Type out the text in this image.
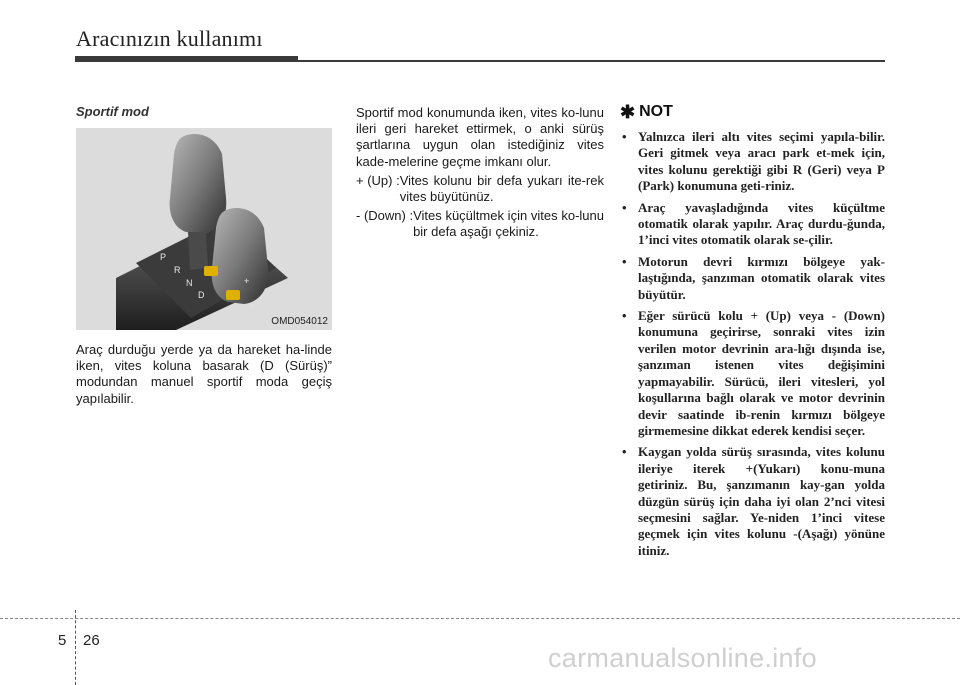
Aracınızın kullanımı
Sportif mod
P
R
N
D
+
-
OMD054012

Araç durduğu yerde ya da hareket ha-linde iken, vites koluna basarak (D (Sürüş)” modundan manuel sportif moda geçiş yapılabilir.

Sportif mod konumunda iken, vites ko-lunu ileri geri hareket ettirmek, o anki sürüş şartlarına uygun olan istediğiniz vites kade-melerine geçme imkanı olur.

+ (Up) : Vites kolunu bir defa yukarı ite-rek vites büyütünüz.
- (Down) : Vites küçültmek için vites ko-lunu bir defa aşağı çekiniz.
✱ NOT
• Yalnızca ileri altı vites seçimi yapıla-bilir. Geri gitmek veya aracı park et-mek için, vites kolunu gerektiği gibi R (Geri) veya P (Park) konumuna geti-riniz.
• Araç yavaşladığında vites küçültme otomatik olarak yapılır. Araç durdu-ğunda, 1’inci vites otomatik olarak se-çilir.
• Motorun devri kırmızı bölgeye yak-laştığında, şanzıman otomatik olarak vites büyütür.
• Eğer sürücü kolu + (Up) veya - (Down) konumuna geçirirse, sonraki vites izin verilen motor devrinin ara-lığı dışında ise, şanzıman istenen vites değişimini yapmayabilir. Sürücü, ileri vitesleri, yol koşullarına bağlı olarak ve motor devrinin devir saatinde ib-renin kırmızı bölgeye girmemesine dikkat ederek kendisi seçer.
• Kaygan yolda sürüş sırasında, vites kolunu ileriye iterek +(Yukarı) konu-muna getiriniz. Bu, şanzımanın kay-gan yolda düzgün sürüş için daha iyi olan 2’nci vitesi seçmesini sağlar. Ye-niden 1’inci vitese geçmek için vites kolunu -(Aşağı) yönüne itiniz.
5 26
carmanualsonline.info
